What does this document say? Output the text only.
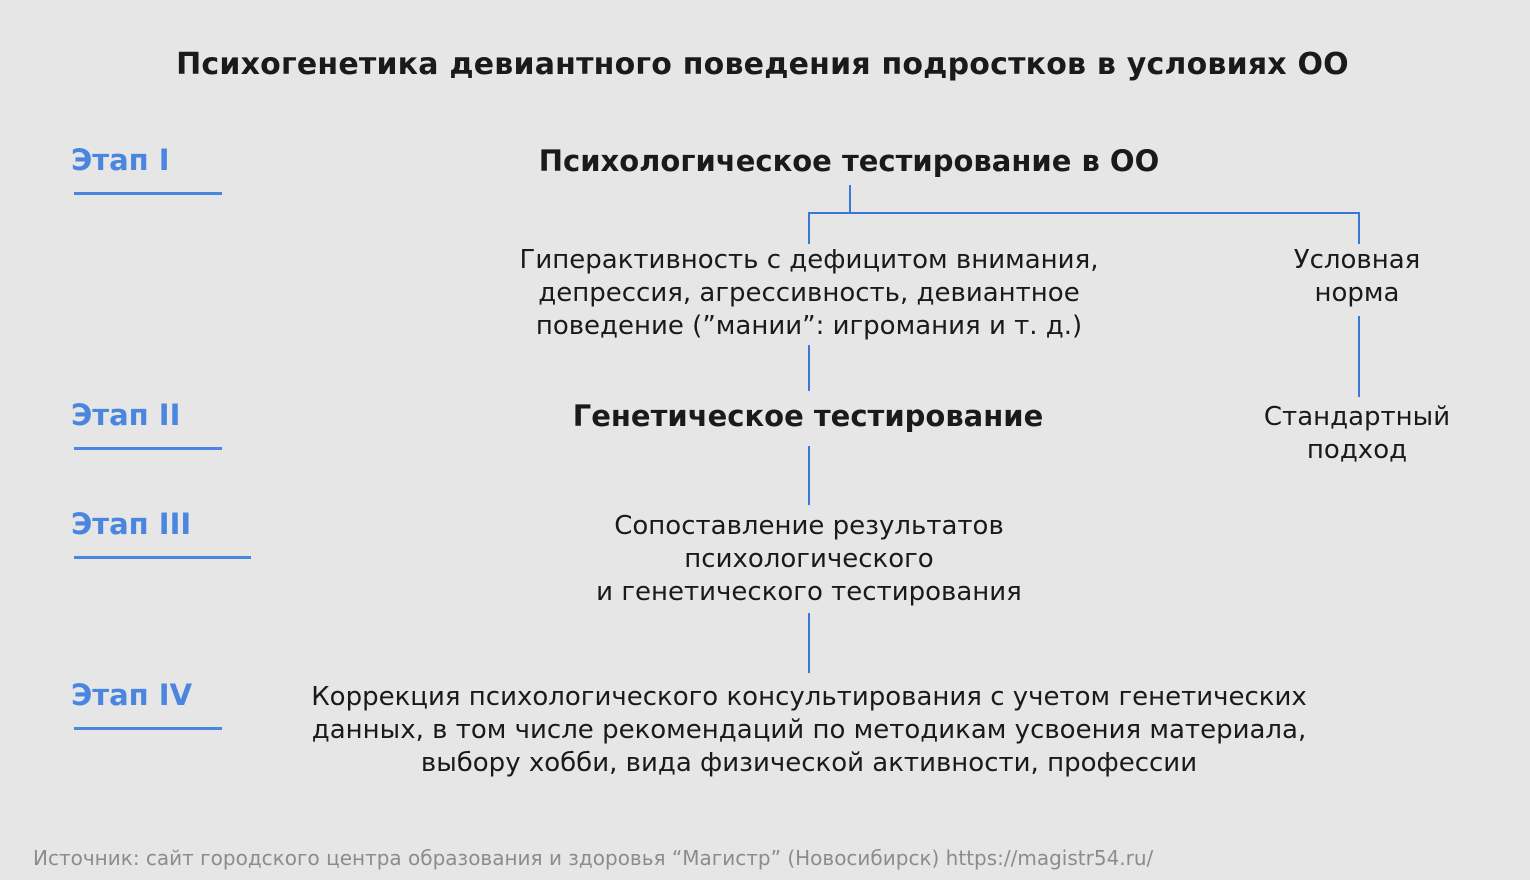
Психогенетика девиантного поведения подростков в условиях ОО
Этап I
Этап II
Этап III
Этап IV
Психологическое тестирование в ОО
Гиперактивность с дефицитом внимания,
депрессия, агрессивность, девиантное
поведение (”мании”: игромания и т. д.)
Условная
норма
Генетическое тестирование	Стандартный
подход
Сопоставление результатов
психологического
и генетического тестирования
Коррекция психологического консультирования с учетом генетических
данных, в том числе рекомендаций по методикам усвоения материала,
выбору хобби, вида физической активности, профессии
Источник: сайт городского центра образования и здоровья “Магистр” (Новосибирск) https://magistr54.ru/
